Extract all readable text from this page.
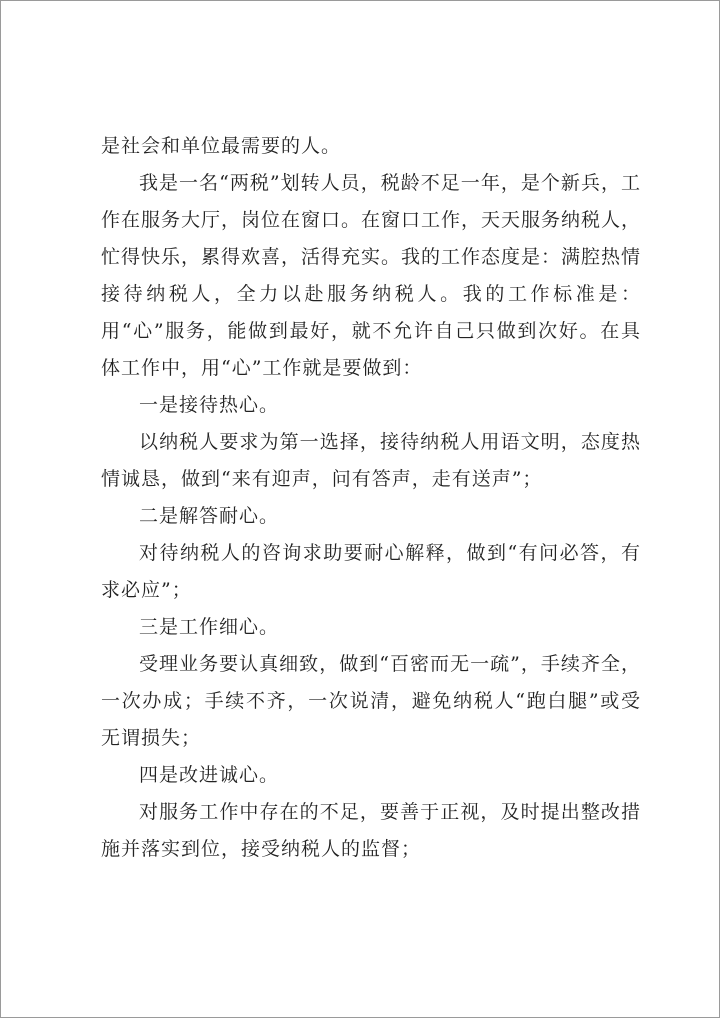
是社会和单位最需要的人。

我是一名“两税”划转人员，税龄不足一年，是个新兵，工作在服务大厅，岗位在窗口。在窗口工作，天天服务纳税人，忙得快乐，累得欢喜，活得充实。我的工作态度是：满腔热情接待纳税人，全力以赴服务纳税人。我的工作标准是：用“心”服务，能做到最好，就不允许自己只做到次好。在具体工作中，用“心”工作就是要做到：

一是接待热心。

以纳税人要求为第一选择，接待纳税人用语文明，态度热情诚恳，做到“来有迎声，问有答声，走有送声”；

二是解答耐心。

对待纳税人的咨询求助要耐心解释，做到“有问必答，有求必应”；

三是工作细心。

受理业务要认真细致，做到“百密而无一疏”，手续齐全，一次办成；手续不齐，一次说清，避免纳税人“跑白腿”或受无谓损失；

四是改进诚心。

对服务工作中存在的不足，要善于正视，及时提出整改措施并落实到位，接受纳税人的监督；
